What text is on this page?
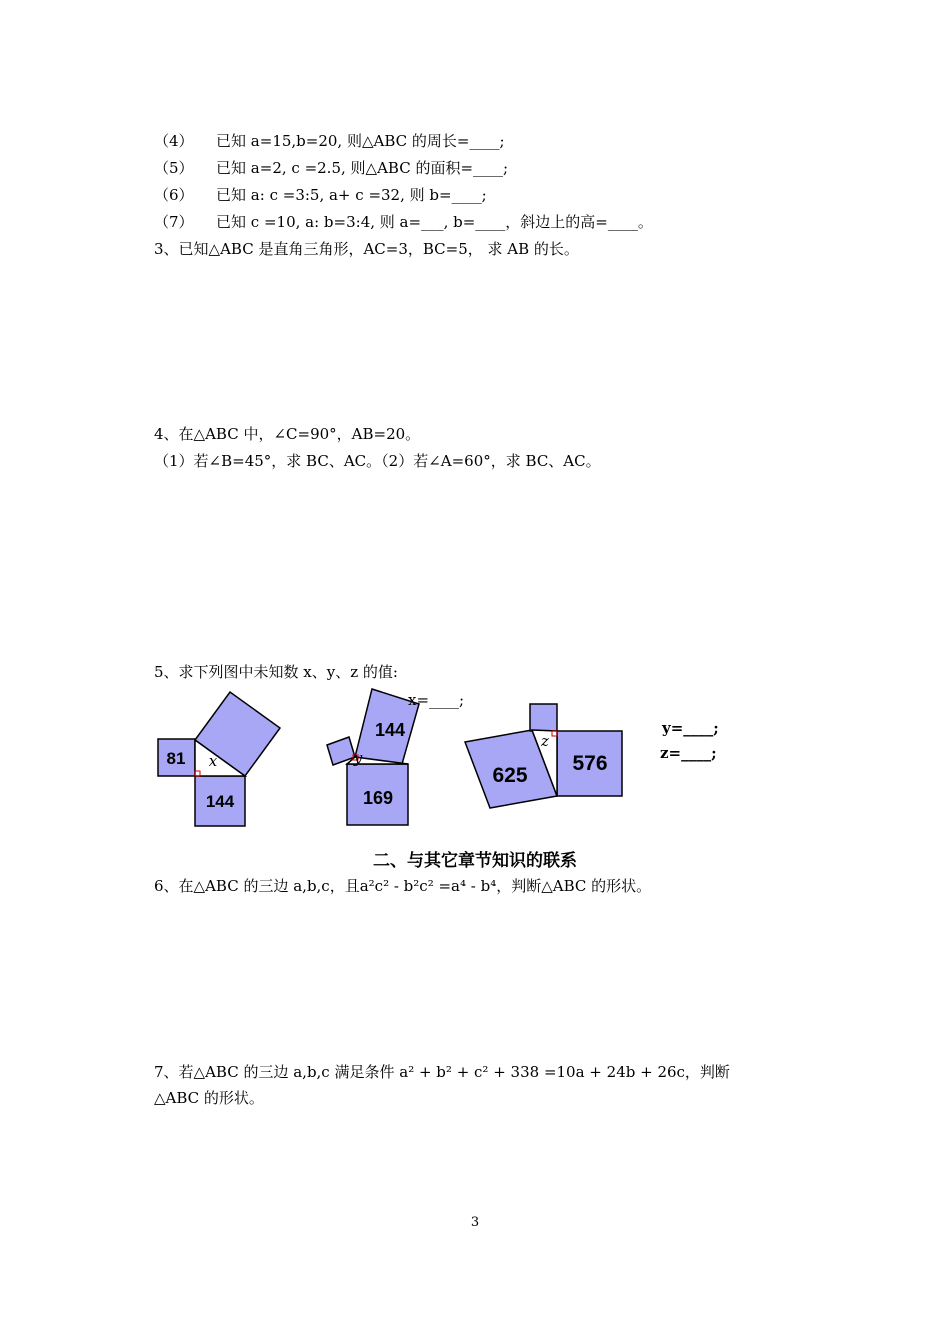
（4）　　已知 a=15,b=20, 则△ABC 的周长=____;
（5）　　已知 a=2, c =2.5, 则△ABC 的面积=____;
（6）　　已知 a: c =3:5, a+ c =32, 则 b=____;
（7）　　已知 c =10, a: b=3:4, 则 a=___, b=____，斜边上的高=____。
3、已知△ABC 是直角三角形，AC=3，BC=5， 求 AB 的长。
4、在△ABC 中，∠C=90°，AB=20。
（1）若∠B=45°，求 BC、AC。（2）若∠A=60°，求 BC、AC。
5、求下列图中未知数 x、y、z 的值:
81
144
x
144
169
y
625
576
z
x=____;
y=____;
z=____;
二、与其它章节知识的联系
6、在△ABC 的三边 a,b,c，且a²c² - b²c² =a⁴ - b⁴，判断△ABC 的形状。
7、若△ABC 的三边 a,b,c 满足条件 a² + b² + c² + 338 =10a + 24b + 26c，判断
△ABC 的形状。
3
